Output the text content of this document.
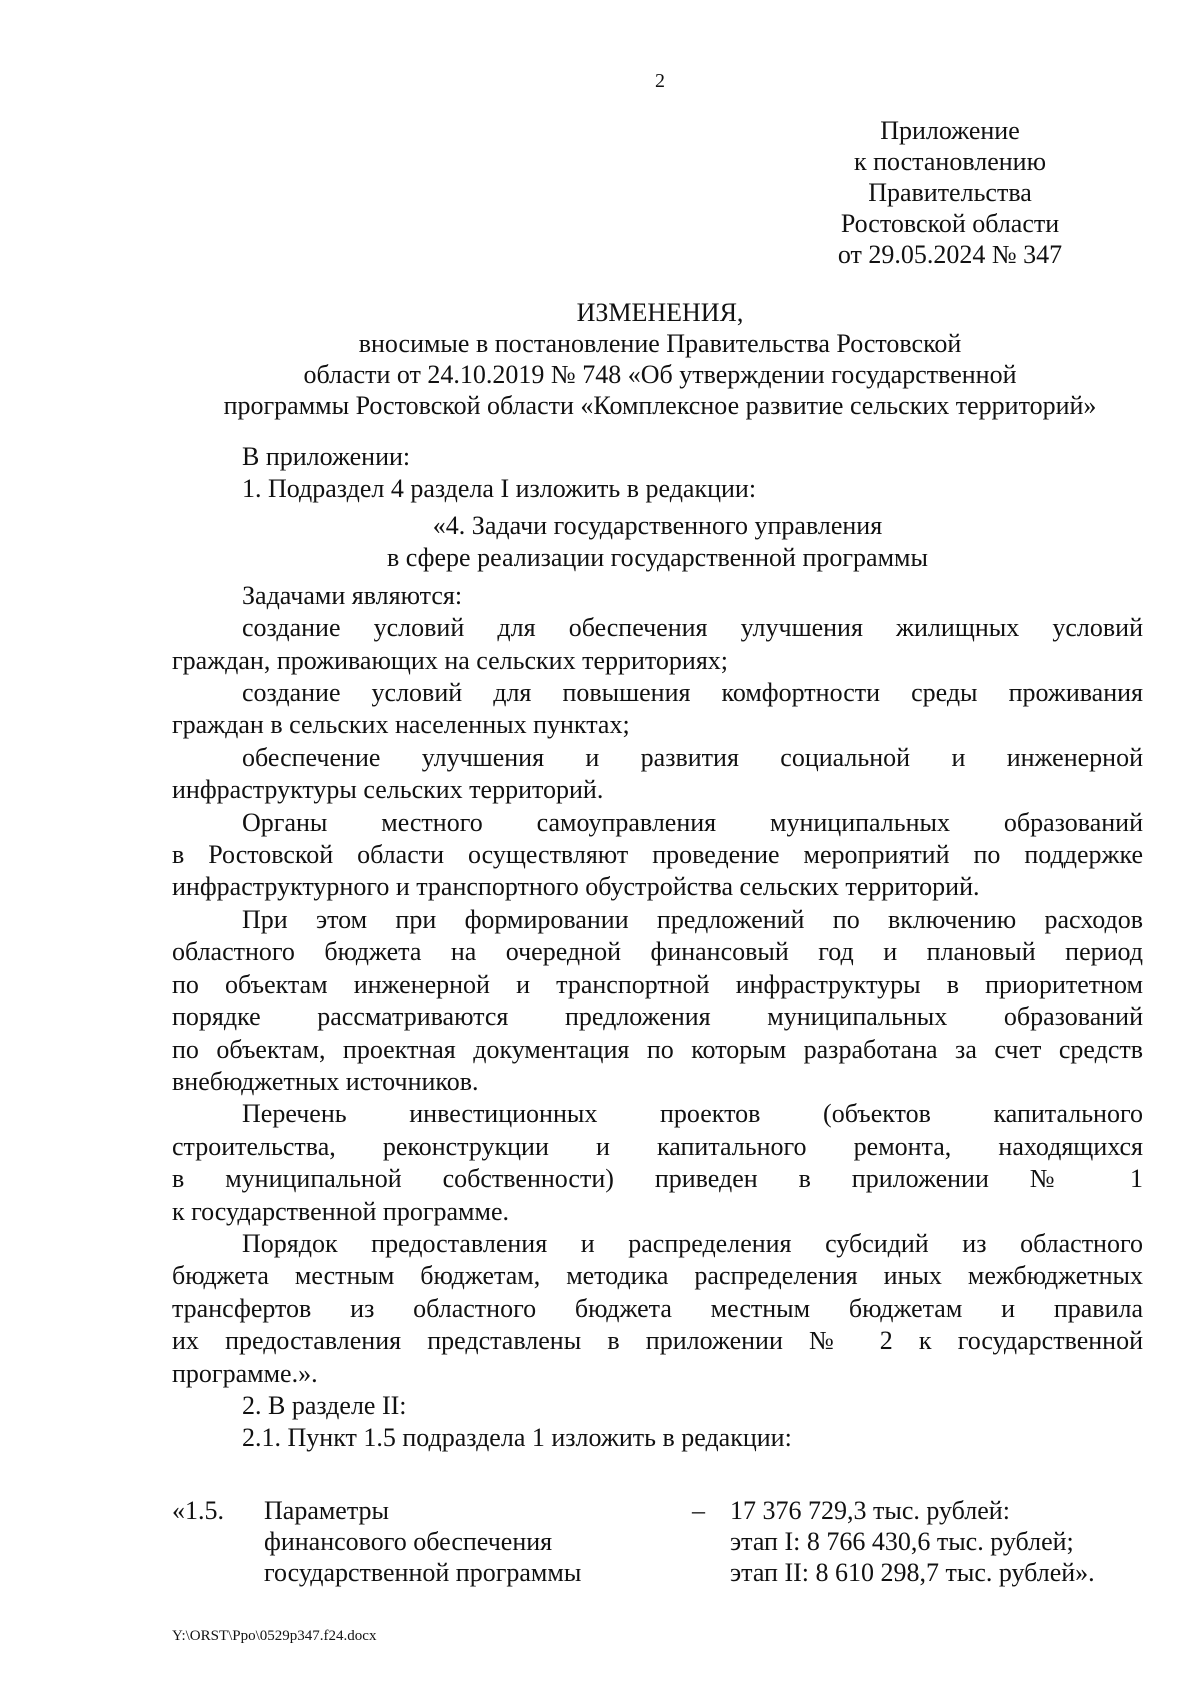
2
Приложение
к постановлению
Правительства
Ростовской области
от 29.05.2024 № 347
ИЗМЕНЕНИЯ,
вносимые в постановление Правительства Ростовской
области от 24.10.2019 № 748 «Об утверждении государственной
программы Ростовской области «Комплексное развитие сельских территорий»

В приложении:

1. Подраздел 4 раздела I изложить в редакции:

«4. Задачи государственного управления
в сфере реализации государственной программы

Задачами являются:

создание условий для обеспечения улучшения жилищных условий

граждан, проживающих на сельских территориях;

создание условий для повышения комфортности среды проживания

граждан в сельских населенных пунктах;

обеспечение улучшения и развития социальной и инженерной

инфраструктуры сельских территорий.

Органы местного самоуправления муниципальных образований

в Ростовской области осуществляют проведение мероприятий по поддержке

инфраструктурного и транспортного обустройства сельских территорий.

При этом при формировании предложений по включению расходов

областного бюджета на очередной финансовый год и плановый период

по объектам инженерной и транспортной инфраструктуры в приоритетном

порядке рассматриваются предложения муниципальных образований

по объектам, проектная документация по которым разработана за счет средств

внебюджетных источников.

Перечень инвестиционных проектов (объектов капитального

строительства, реконструкции и капитального ремонта, находящихся

в муниципальной собственности) приведен в приложении № 1

к государственной программе.

Порядок предоставления и распределения субсидий из областного

бюджета местным бюджетам, методика распределения иных межбюджетных

трансфертов из областного бюджета местным бюджетам и правила

их предоставления представлены в приложении № 2 к государственной

программе.».

2. В разделе II:

2.1. Пункт 1.5 подраздела 1 изложить в редакции:

«1.5. Параметры
финансового обеспечения
государственной программы
– 17 376 729,3 тыс. рублей:
этап I: 8 766 430,6 тыс. рублей;
этап II: 8 610 298,7 тыс. рублей».
Y:\ORST\Ppo\0529p347.f24.docx
